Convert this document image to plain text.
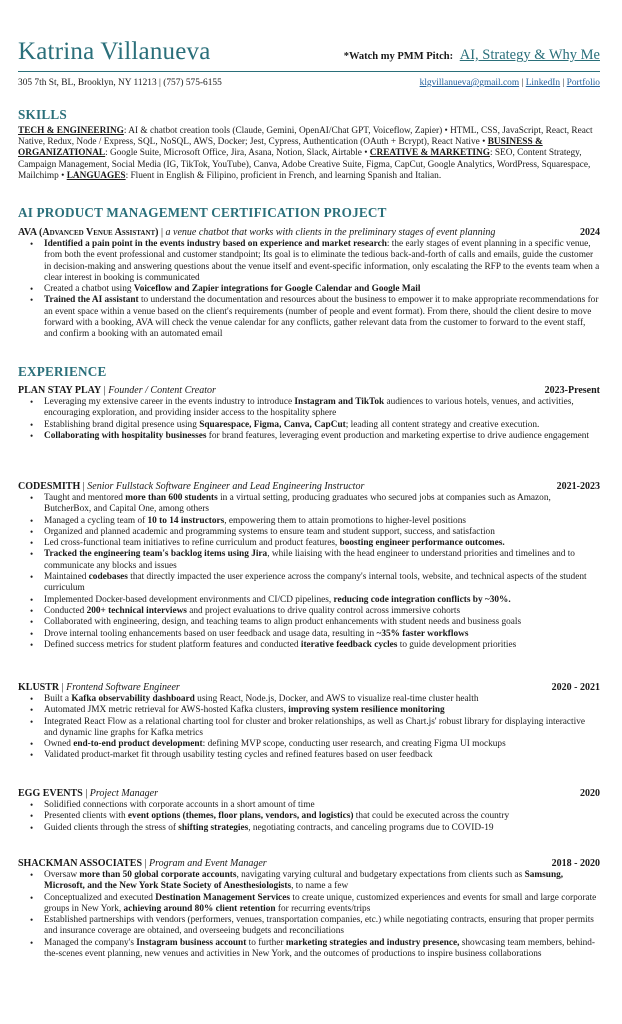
Katrina Villanueva	*Watch my PMM Pitch: AI, Strategy & Why Me
305 7th St, BL, Brooklyn, NY 11213 | (757) 575-6155	klgvillanueva@gmail.com | LinkedIn | Portfolio
SKILLS
TECH & ENGINEERING: AI & chatbot creation tools (Claude, Gemini, OpenAI/Chat GPT, Voiceflow, Zapier) • HTML, CSS, JavaScript, React, React Native, Redux, Node / Express, SQL, NoSQL, AWS, Docker; Jest, Cypress, Authentication (OAuth + Bcrypt), React Native • BUSINESS & ORGANIZATIONAL: Google Suite, Microsoft Office, Jira, Asana, Notion, Slack, Airtable • CREATIVE & MARKETING: SEO, Content Strategy, Campaign Management, Social Media (IG, TikTok, YouTube), Canva, Adobe Creative Suite, Figma, CapCut, Google Analytics, WordPress, Squarespace, Mailchimp • LANGUAGES: Fluent in English & Filipino, proficient in French, and learning Spanish and Italian.
AI PRODUCT MANAGEMENT CERTIFICATION PROJECT
AVA (Advanced Venue Assistant) | a venue chatbot that works with clients in the preliminary stages of event planning	2024
• Identified a pain point in the events industry based on experience and market research: the early stages of event planning in a specific venue, from both the event professional and customer standpoint; Its goal is to eliminate the tedious back-and-forth of calls and emails, guide the customer in decision-making and answering questions about the venue itself and event-specific information, only escalating the RFP to the events team when a clear interest in booking is communicated
• Created a chatbot using Voiceflow and Zapier integrations for Google Calendar and Google Mail
• Trained the AI assistant to understand the documentation and resources about the business to empower it to make appropriate recommendations for an event space within a venue based on the client's requirements (number of people and event format). From there, should the client desire to move forward with a booking, AVA will check the venue calendar for any conflicts, gather relevant data from the customer to forward to the event staff, and confirm a booking with an automated email
EXPERIENCE
PLAN STAY PLAY | Founder / Content Creator	2023-Present
• Leveraging my extensive career in the events industry to introduce Instagram and TikTok audiences to various hotels, venues, and activities, encouraging exploration, and providing insider access to the hospitality sphere
• Establishing brand digital presence using Squarespace, Figma, Canva, CapCut; leading all content strategy and creative execution.
• Collaborating with hospitality businesses for brand features, leveraging event production and marketing expertise to drive audience engagement
CODESMITH | Senior Fullstack Software Engineer and Lead Engineering Instructor	2021-2023
• Taught and mentored more than 600 students in a virtual setting, producing graduates who secured jobs at companies such as Amazon, ButcherBox, and Capital One, among others
• Managed a cycling team of 10 to 14 instructors, empowering them to attain promotions to higher-level positions
• Organized and planned academic and programming systems to ensure team and student support, success, and satisfaction
• Led cross-functional team initiatives to refine curriculum and product features, boosting engineer performance outcomes.
• Tracked the engineering team's backlog items using Jira, while liaising with the head engineer to understand priorities and timelines and to communicate any blocks and issues
• Maintained codebases that directly impacted the user experience across the company's internal tools, website, and technical aspects of the student curriculum
• Implemented Docker-based development environments and CI/CD pipelines, reducing code integration conflicts by ~30%.
• Conducted 200+ technical interviews and project evaluations to drive quality control across immersive cohorts
• Collaborated with engineering, design, and teaching teams to align product enhancements with student needs and business goals
• Drove internal tooling enhancements based on user feedback and usage data, resulting in ~35% faster workflows
• Defined success metrics for student platform features and conducted iterative feedback cycles to guide development priorities
KLUSTR | Frontend Software Engineer	2020 - 2021
• Built a Kafka observability dashboard using React, Node.js, Docker, and AWS to visualize real-time cluster health
• Automated JMX metric retrieval for AWS-hosted Kafka clusters, improving system resilience monitoring
• Integrated React Flow as a relational charting tool for cluster and broker relationships, as well as Chart.js' robust library for displaying interactive and dynamic line graphs for Kafka metrics
• Owned end-to-end product development: defining MVP scope, conducting user research, and creating Figma UI mockups
• Validated product-market fit through usability testing cycles and refined features based on user feedback
EGG EVENTS | Project Manager	2020
• Solidified connections with corporate accounts in a short amount of time
• Presented clients with event options (themes, floor plans, vendors, and logistics) that could be executed across the country
• Guided clients through the stress of shifting strategies, negotiating contracts, and canceling programs due to COVID-19
SHACKMAN ASSOCIATES | Program and Event Manager	2018 - 2020
• Oversaw more than 50 global corporate accounts, navigating varying cultural and budgetary expectations from clients such as Samsung, Microsoft, and the New York State Society of Anesthesiologists, to name a few
• Conceptualized and executed Destination Management Services to create unique, customized experiences and events for small and large corporate groups in New York, achieving around 80% client retention for recurring events/trips
• Established partnerships with vendors (performers, venues, transportation companies, etc.) while negotiating contracts, ensuring that proper permits and insurance coverage are obtained, and overseeing budgets and reconciliations
• Managed the company's Instagram business account to further marketing strategies and industry presence, showcasing team members, behind-the-scenes event planning, new venues and activities in New York, and the outcomes of productions to inspire business collaborations
